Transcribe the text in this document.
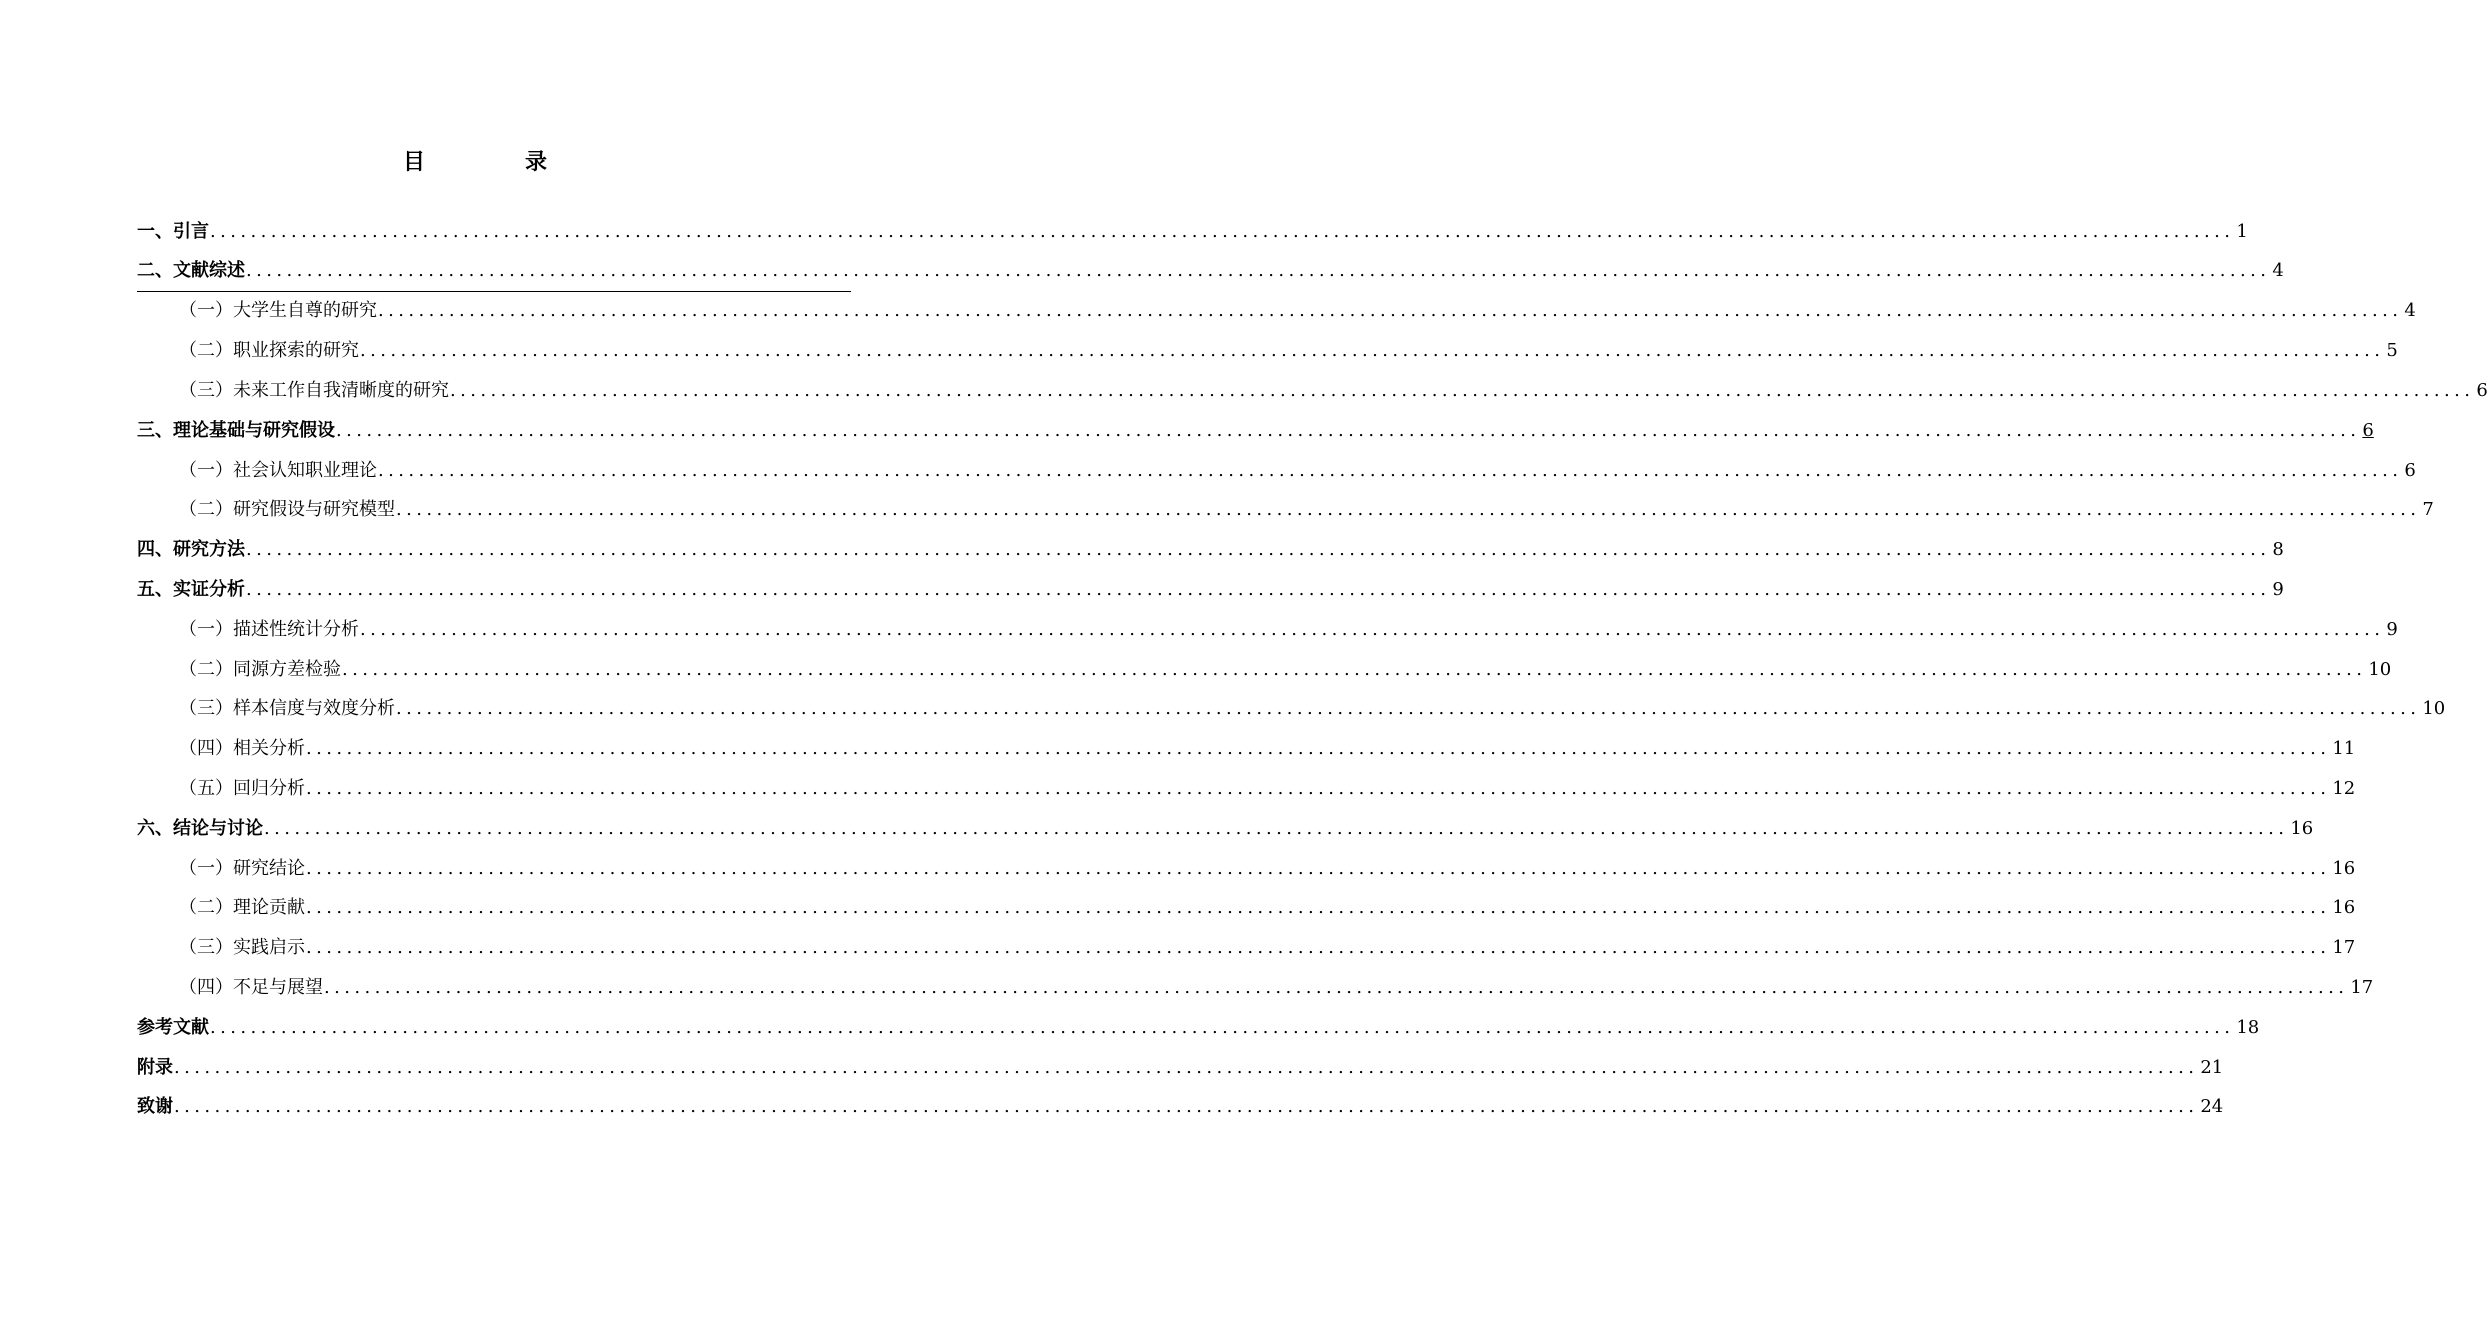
目	录
一、引言 ........................................................................................................................................................................................................ 1
二、文献综述 ........................................................................................................................................................................................................ 4
（一）大学生自尊的研究 ........................................................................................................................................................................................................ 4
（二）职业探索的研究 ........................................................................................................................................................................................................ 5
（三）未来工作自我清晰度的研究 ........................................................................................................................................................................................................ 6
三、理论基础与研究假设 ........................................................................................................................................................................................................ 6
（一）社会认知职业理论 ........................................................................................................................................................................................................ 6
（二）研究假设与研究模型 ........................................................................................................................................................................................................ 7
四、研究方法 ........................................................................................................................................................................................................ 8
五、实证分析 ........................................................................................................................................................................................................ 9
（一）描述性统计分析 ........................................................................................................................................................................................................ 9
（二）同源方差检验 ........................................................................................................................................................................................................ 10
（三）样本信度与效度分析 ........................................................................................................................................................................................................ 10
（四）相关分析 ........................................................................................................................................................................................................ 11
（五）回归分析 ........................................................................................................................................................................................................ 12
六、结论与讨论 ........................................................................................................................................................................................................ 16
（一）研究结论 ........................................................................................................................................................................................................ 16
（二）理论贡献 ........................................................................................................................................................................................................ 16
（三）实践启示 ........................................................................................................................................................................................................ 17
（四）不足与展望 ........................................................................................................................................................................................................ 17
参考文献 ........................................................................................................................................................................................................ 18
附录 ........................................................................................................................................................................................................ 21
致谢 ........................................................................................................................................................................................................ 24
